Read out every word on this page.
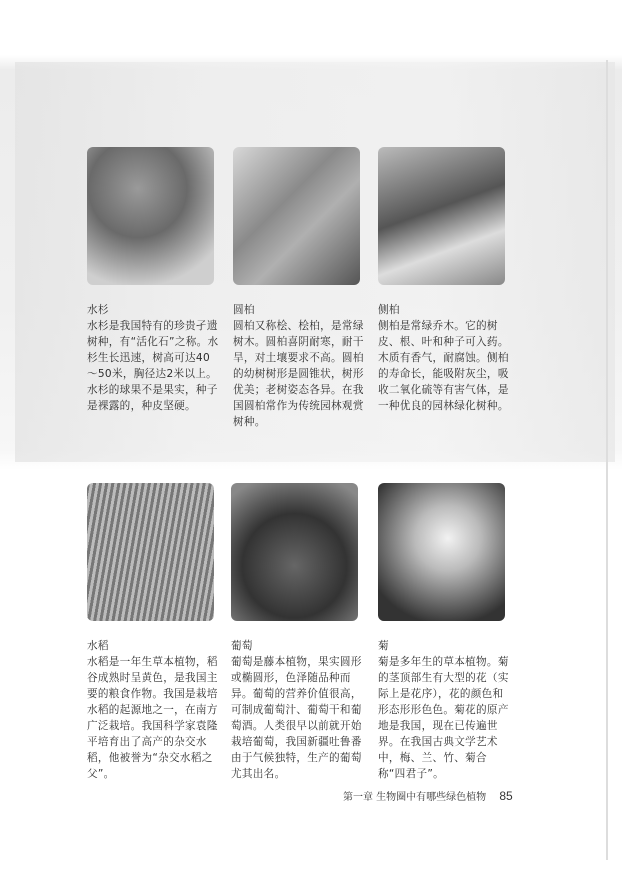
水杉
水杉是我国特有的珍贵孑遗树种，有“活化石”之称。水杉生长迅速，树高可达40～50米，胸径达2米以上。水杉的球果不是果实，种子是裸露的，种皮坚硬。
圆柏
圆柏又称桧、桧柏，是常绿树木。圆柏喜阴耐寒，耐干旱，对土壤要求不高。圆柏的幼树树形是圆锥状，树形优美；老树姿态各异。在我国圆柏常作为传统园林观赏树种。
侧柏
侧柏是常绿乔木。它的树皮、根、叶和种子可入药。木质有香气，耐腐蚀。侧柏的寿命长，能吸附灰尘，吸收二氧化硫等有害气体，是一种优良的园林绿化树种。
水稻
水稻是一年生草本植物，稻谷成熟时呈黄色，是我国主要的粮食作物。我国是栽培水稻的起源地之一，在南方广泛栽培。我国科学家袁隆平培育出了高产的杂交水稻，他被誉为“杂交水稻之父”。
葡萄
葡萄是藤本植物，果实圆形或椭圆形，色泽随品种而异。葡萄的营养价值很高，可制成葡萄汁、葡萄干和葡萄酒。人类很早以前就开始栽培葡萄，我国新疆吐鲁番由于气候独特，生产的葡萄尤其出名。
菊
菊是多年生的草本植物。菊的茎顶部生有大型的花（实际上是花序），花的颜色和形态形形色色。菊花的原产地是我国，现在已传遍世界。在我国古典文学艺术中，梅、兰、竹、菊合称“四君子”。
第一章 生物圈中有哪些绿色植物 85
